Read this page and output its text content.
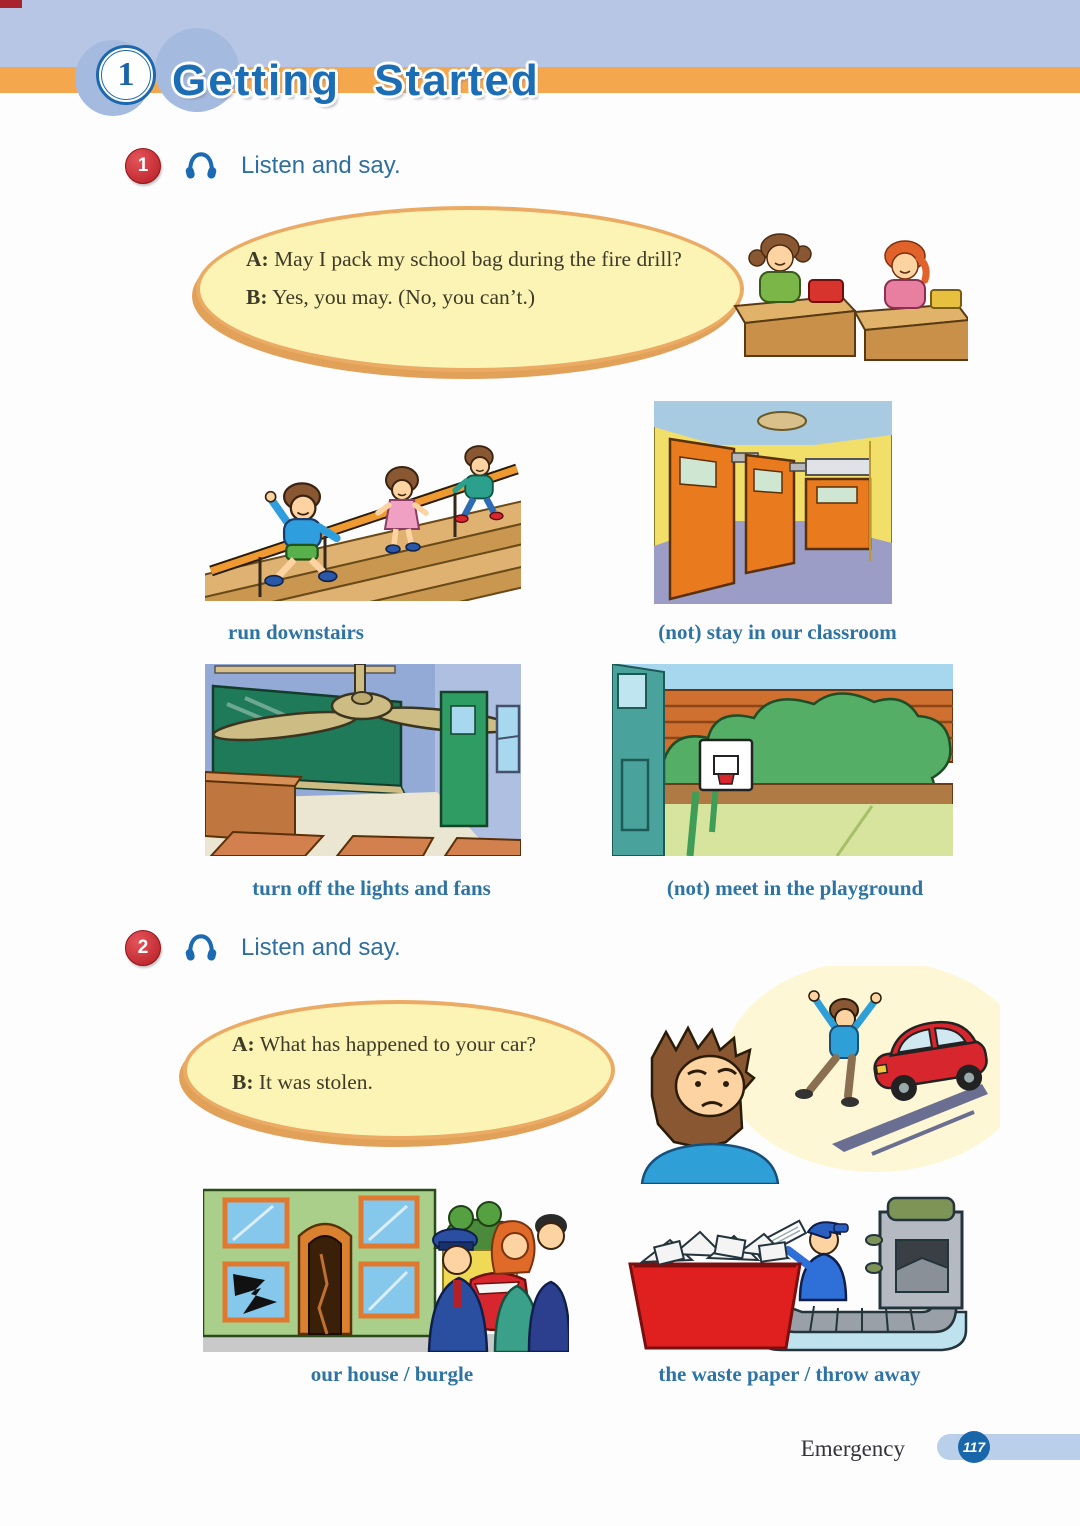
1 Getting Started
1	Listen and say.
A: May I pack my school bag during the fire drill?
B: Yes, you may. (No, you can’t.)
run downstairs	(not) stay in our classroom
turn off the lights and fans	(not) meet in the playground
2	Listen and say.
A: What has happened to your car?
B: It was stolen.
our house / burgle	the waste paper / throw away
Emergency	117
